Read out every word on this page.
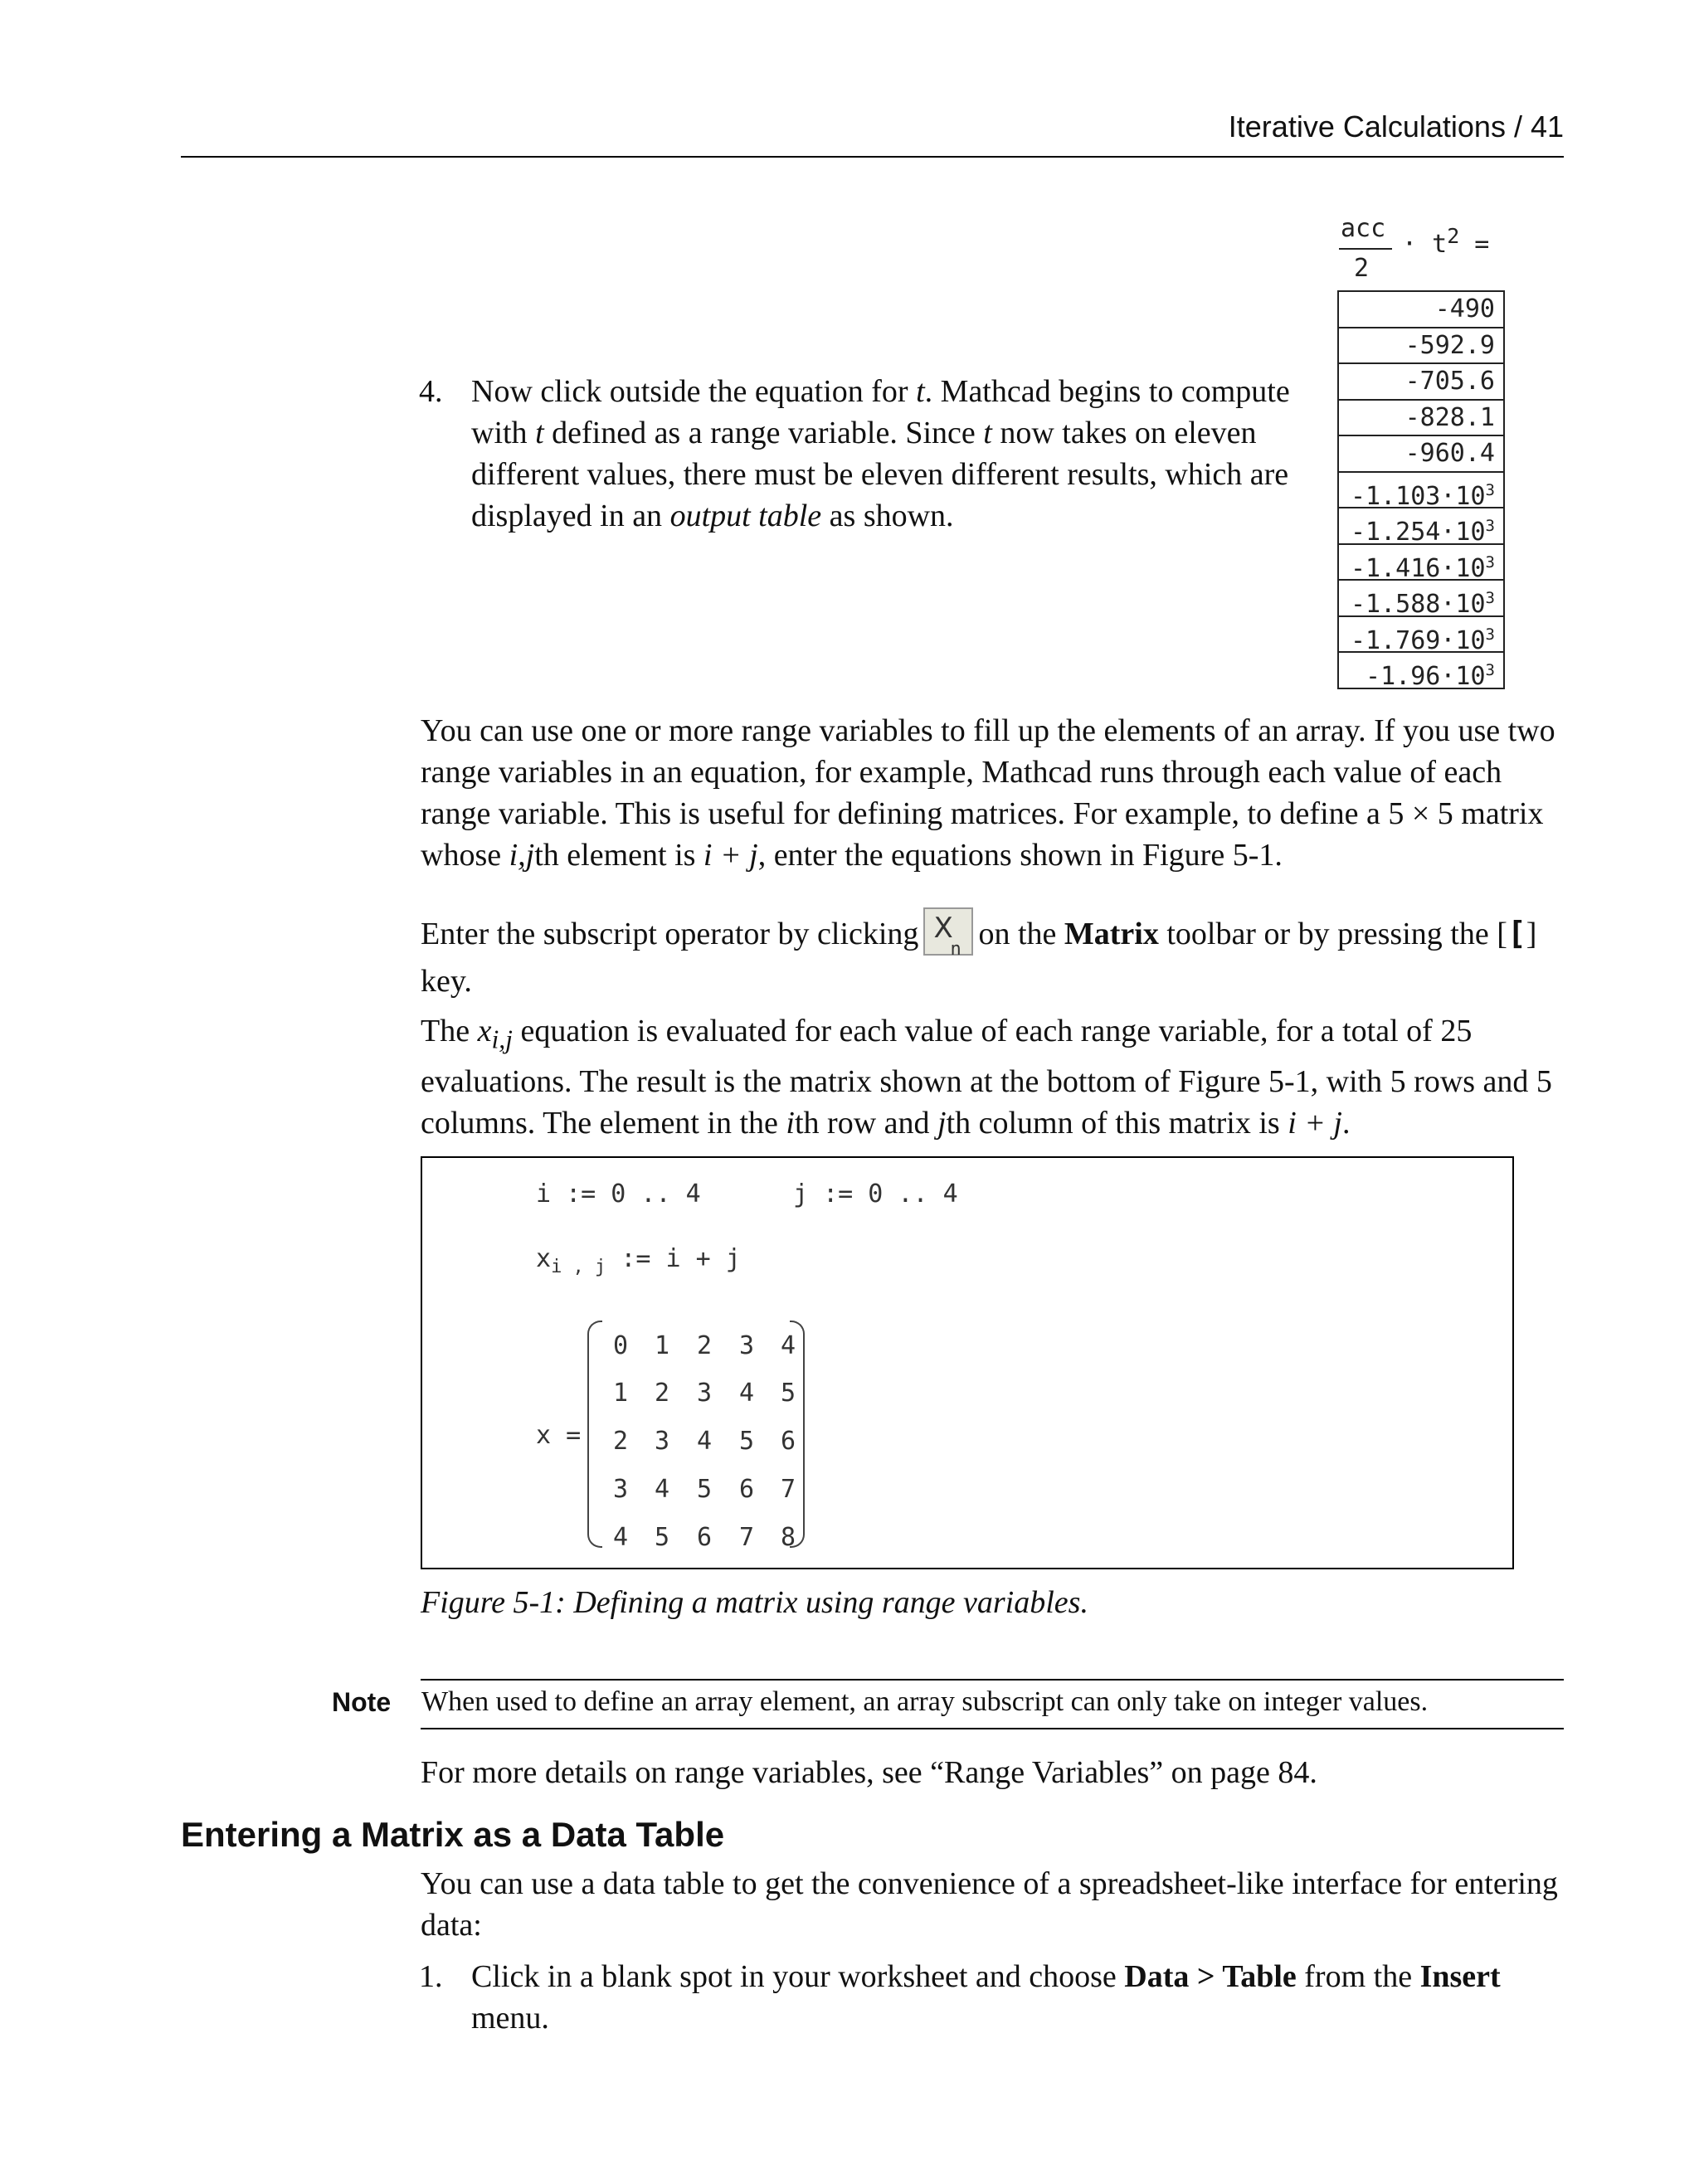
Iterative Calculations / 41
acc
2
· $t^2$ =
-490
-592.9
-705.6
-828.1
-960.4
$-1.103\cdot 10^3$
$-1.254\cdot 10^3$
$-1.416\cdot 10^3$
$-1.588\cdot 10^3$
$-1.769\cdot 10^3$
$-1.96\cdot 10^3$
4. Now click outside the equation for t. Mathcad begins to compute with t defined as a range variable. Since t now takes on eleven different values, there must be eleven different results, which are displayed in an output table as shown.

You can use one or more range variables to fill up the elements of an array. If you use two range variables in an equation, for example, Mathcad runs through each value of each range variable. This is useful for defining matrices. For example, to define a 5 × 5 matrix whose i,jth element is i + j, enter the equations shown in Figure 5-1.

Enter the subscript operator by clicking X
n on the Matrix toolbar or by pressing the [[] key.

The $x_{i,j}$ equation is evaluated for each value of each range variable, for a total of 25 evaluations. The result is the matrix shown at the bottom of Figure 5-1, with 5 rows and 5 columns. The element in the ith row and jth column of this matrix is i + j.

i := 0 .. 4	j := 0 .. 4
$x_{i , j}$ := i + j
x =
0	1	2	3	4
1	2	3	4	5
2	3	4	5	6
3	4	5	6	7
4	5	6	7	8
Figure 5-1: Defining a matrix using range variables.
Note When used to define an array element, an array subscript can only take on integer values.

For more details on range variables, see “Range Variables” on page 84.

Entering a Matrix as a Data Table

You can use a data table to get the convenience of a spreadsheet-like interface for entering data:

1. Click in a blank spot in your worksheet and choose Data > Table from the Insert menu.
